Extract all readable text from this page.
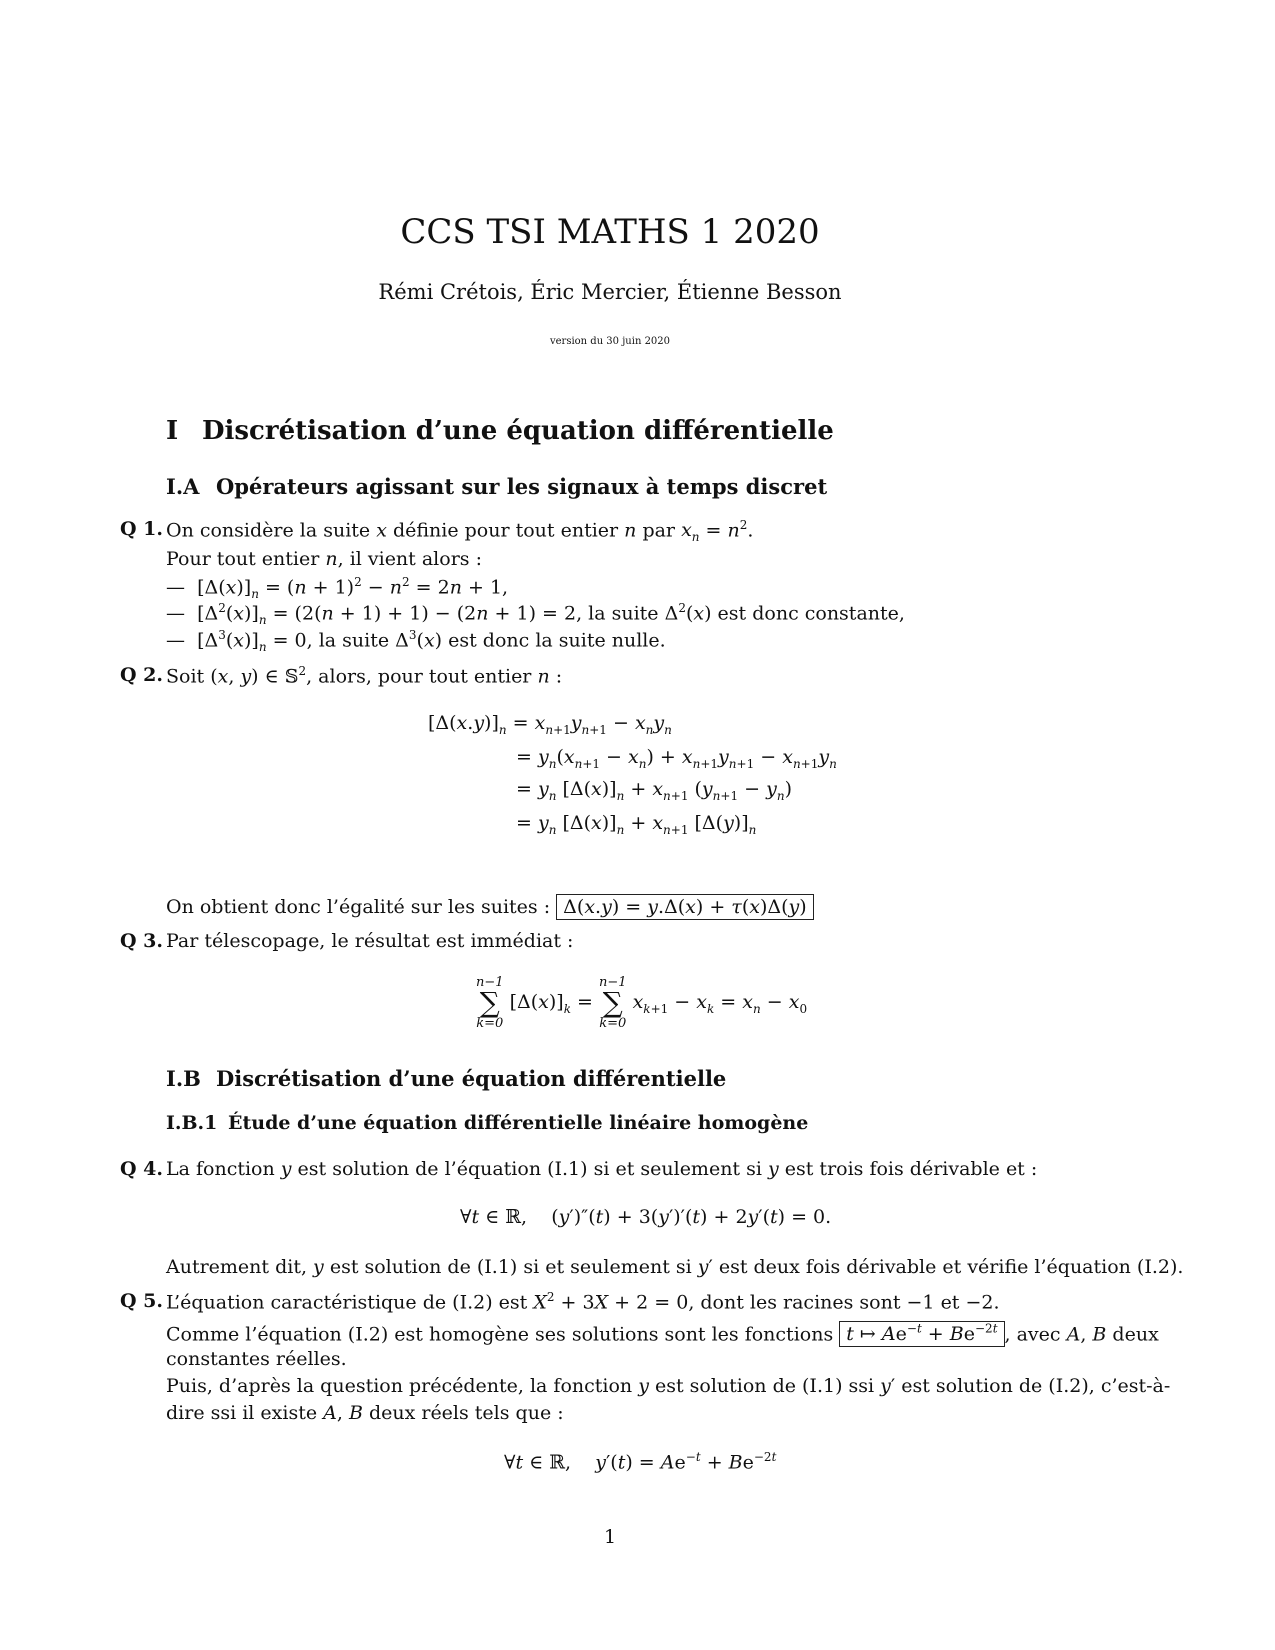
CCS TSI MATHS 1 2020
Rémi Crétois, Éric Mercier, Étienne Besson
version du 30 juin 2020
I Discrétisation d’une équation différentielle
I.A Opérateurs agissant sur les signaux à temps discret
Q 1. On considère la suite x définie pour tout entier n par $x_n = n^2$.
Pour tout entier n, il vient alors :
—  $[\Delta(x)]_n = (n + 1)^2 - n^2 = 2n + 1$,
—  $[\Delta^2(x)]_n = (2(n + 1) + 1) - (2n + 1) = 2$, la suite $\Delta^2(x)$ est donc constante,
—  $[\Delta^3(x)]_n = 0$, la suite $\Delta^3(x)$ est donc la suite nulle.
Q 2. Soit (x, y) ∈ 𝕊$^2$, alors, pour tout entier n :
$[\Delta(x.y)]_n = x_{n+1}y_{n+1} - x_ny_n$
= $y_n(x_{n+1} - x_n) + x_{n+1}y_{n+1} - x_{n+1}y_n$
= $y_n$ $[\Delta(x)]_n + x_{n+1}$ $(y_{n+1} - y_n)$
= $y_n$ $[\Delta(x)]_n + x_{n+1}$ $[\Delta(y)]_n$
On obtient donc l’égalité sur les suites : Δ(x.y) = y.Δ(x) + τ(x)Δ(y)
Q 3. Par télescopage, le résultat est immédiat :
n−1
∑
k=0
$[\Delta(x)]_k$ =
n−1
∑
k=0
$x_{k+1} - x_k = x_n - x_0$
I.B Discrétisation d’une équation différentielle
I.B.1 Étude d’une équation différentielle linéaire homogène
Q 4. La fonction y est solution de l’équation (I.1) si et seulement si y est trois fois dérivable et :
∀t ∈ ℝ,    (y′)″(t) + 3(y′)′(t) + 2y′(t) = 0.
Autrement dit, y est solution de (I.1) si et seulement si y′ est deux fois dérivable et vérifie l’équation (I.2).
Q 5. L’équation caractéristique de (I.2) est $X^2 + 3X + 2 = 0$, dont les racines sont −1 et −2.
Comme l’équation (I.2) est homogène ses solutions sont les fonctions t ↦ $Ae^{-t} + Be^{-2t}$ , avec A, B deux
constantes réelles.
Puis, d’après la question précédente, la fonction y est solution de (I.1) ssi y′ est solution de (I.2), c’est-à-
dire ssi il existe A, B deux réels tels que :
∀t ∈ ℝ,    $y'(t) = Ae^{-t} + Be^{-2t}$
1
